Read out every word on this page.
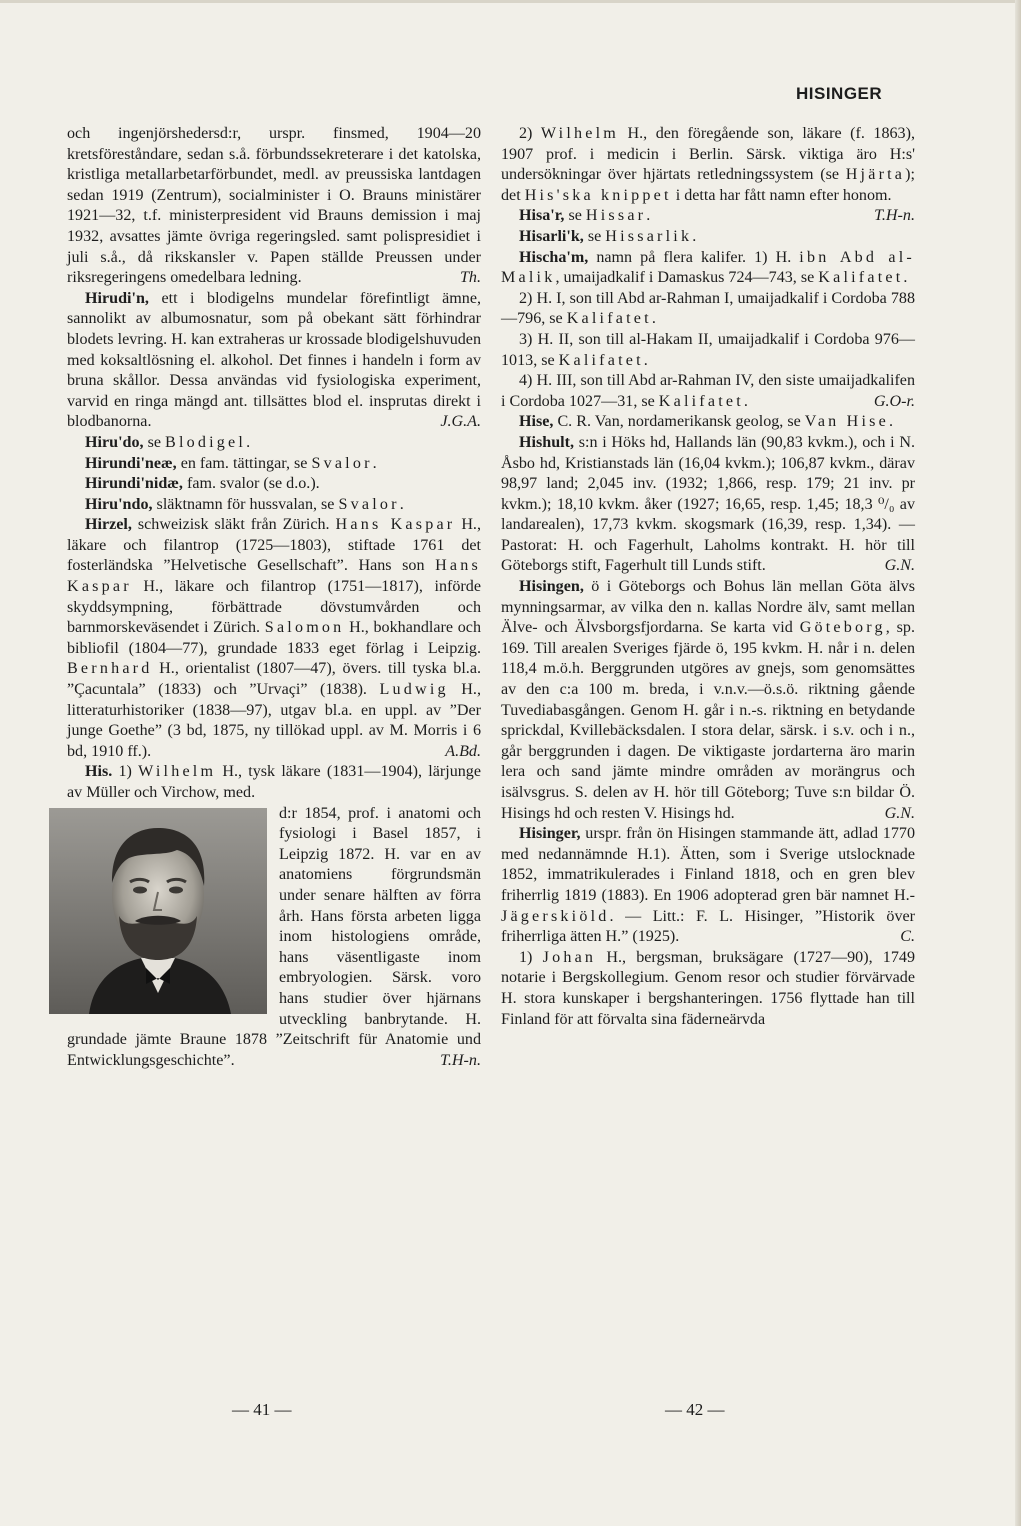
HISINGER

och ingenjörshedersd:r, urspr. finsmed, 1904—20 kretsföreståndare, sedan s.å. förbundssekreterare i det katolska, kristliga metallarbetarförbundet, medl. av preussiska lantdagen sedan 1919 (Zentrum), socialminister i O. Brauns ministärer 1921—32, t.f. ministerpresident vid Brauns demission i maj 1932, avsattes jämte övriga regeringsled. samt polispresidiet i juli s.å., då rikskansler v. Papen ställde Preussen under riksregeringens omedelbara ledning.	Th.

Hirudi'n, ett i blodigelns mundelar förefintligt ämne, sannolikt av albumosnatur, som på obekant sätt förhindrar blodets levring. H. kan extraheras ur krossade blodigelshuvuden med koksaltlösning el. alkohol. Det finnes i handeln i form av bruna skållor. Dessa användas vid fysiologiska experiment, varvid en ringa mängd ant. tillsättes blod el. insprutas direkt i blodbanorna.	J.G.A.

Hiru'do, se Blodigel.

Hirundi'neæ, en fam. tättingar, se Svalor.

Hirundi'nidæ, fam. svalor (se d.o.).

Hiru'ndo, släktnamn för hussvalan, se Svalor.

Hirzel, schweizisk släkt från Zürich. Hans Kaspar H., läkare och filantrop (1725—1803), stiftade 1761 det fosterländska ”Helvetische Gesellschaft”. Hans son Hans Kaspar H., läkare och filantrop (1751—1817), införde skyddsympning, förbättrade dövstumvården och barnmorskeväsendet i Zürich. Salomon H., bokhandlare och bibliofil (1804—77), grundade 1833 eget förlag i Leipzig. Bernhard H., orientalist (1807—47), övers. till tyska bl.a. ”Çacuntala” (1833) och ”Urvaçi” (1838). Ludwig H., litteraturhistoriker (1838—97), utgav bl.a. en uppl. av ”Der junge Goethe” (3 bd, 1875, ny tillökad uppl. av M. Morris i 6 bd, 1910 ff.).	A.Bd.

His. 1) Wilhelm H., tysk läkare (1831—1904), lärjunge av Müller och Virchow, med.

d:r 1854, prof. i anatomi och fysiologi i Basel 1857, i Leipzig 1872. H. var en av anatomiens förgrundsmän under senare hälften av förra årh. Hans första arbeten ligga inom histologiens område, hans väsentligaste inom embryologien. Särsk. voro hans studier över hjärnans utveckling banbrytande. H. grundade jämte Braune 1878 ”Zeitschrift für Anatomie und Entwicklungsgeschichte”.	T.H-n.

2) Wilhelm H., den föregående son, läkare (f. 1863), 1907 prof. i medicin i Berlin. Särsk. viktiga äro H:s' undersökningar över hjärtats retledningssystem (se Hjärta); det His'ska knippet i detta har fått namn efter honom.
T.H-n.

Hisa'r, se Hissar.

Hisarli'k, se Hissarlik.

Hischa'm, namn på flera kalifer. 1) H. ibn Abd al-Malik, umaijadkalif i Damaskus 724—743, se Kalifatet.

2) H. I, son till Abd ar-Rahman I, umaijadkalif i Cordoba 788—796, se Kalifatet.

3) H. II, son till al-Hakam II, umaijadkalif i Cordoba 976—1013, se Kalifatet.

4) H. III, son till Abd ar-Rahman IV, den siste umaijadkalifen i Cordoba 1027—31, se Kalifatet.	G.O-r.

Hise, C. R. Van, nordamerikansk geolog, se Van Hise.

Hishult, s:n i Höks hd, Hallands län (90,83 kvkm.), och i N. Åsbo hd, Kristianstads län (16,04 kvkm.); 106,87 kvkm., därav 98,97 land; 2,045 inv. (1932; 1,866, resp. 179; 21 inv. pr kvkm.); 18,10 kvkm. åker (1927; 16,65, resp. 1,45; 18,3 ⁰/₀ av landarealen), 17,73 kvkm. skogsmark (16,39, resp. 1,34). — Pastorat: H. och Fagerhult, Laholms kontrakt. H. hör till Göteborgs stift, Fagerhult till Lunds stift.	G.N.

Hisingen, ö i Göteborgs och Bohus län mellan Göta älvs mynningsarmar, av vilka den n. kallas Nordre älv, samt mellan Älve- och Älvsborgsfjordarna. Se karta vid Göteborg, sp. 169. Till arealen Sveriges fjärde ö, 195 kvkm. H. når i n. delen 118,4 m.ö.h. Berggrunden utgöres av gnejs, som genomsättes av den c:a 100 m. breda, i v.n.v.—ö.s.ö. riktning gående Tuvediabasgången. Genom H. går i n.-s. riktning en betydande sprickdal, Kvillebäcksdalen. I stora delar, särsk. i s.v. och i n., går berggrunden i dagen. De viktigaste jordarterna äro marin lera och sand jämte mindre områden av morängrus och isälvsgrus. S. delen av H. hör till Göteborg; Tuve s:n bildar Ö. Hisings hd och resten V. Hisings hd.	G.N.

Hisinger, urspr. från ön Hisingen stammande ätt, adlad 1770 med nedannämnde H.1). Ätten, som i Sverige utslocknade 1852, immatrikulerades i Finland 1818, och en gren blev friherrlig 1819 (1883). En 1906 adopterad gren bär namnet H.-Jägerskiöld. — Litt.: F. L. Hisinger, ”Historik över friherrliga ätten H.” (1925).	C.

1) Johan H., bergsman, bruksägare (1727—90), 1749 notarie i Bergskollegium. Genom resor och studier förvärvade H. stora kunskaper i bergshanteringen. 1756 flyttade han till Finland för att förvalta sina fäderneärvda

— 41 —	— 42 —
